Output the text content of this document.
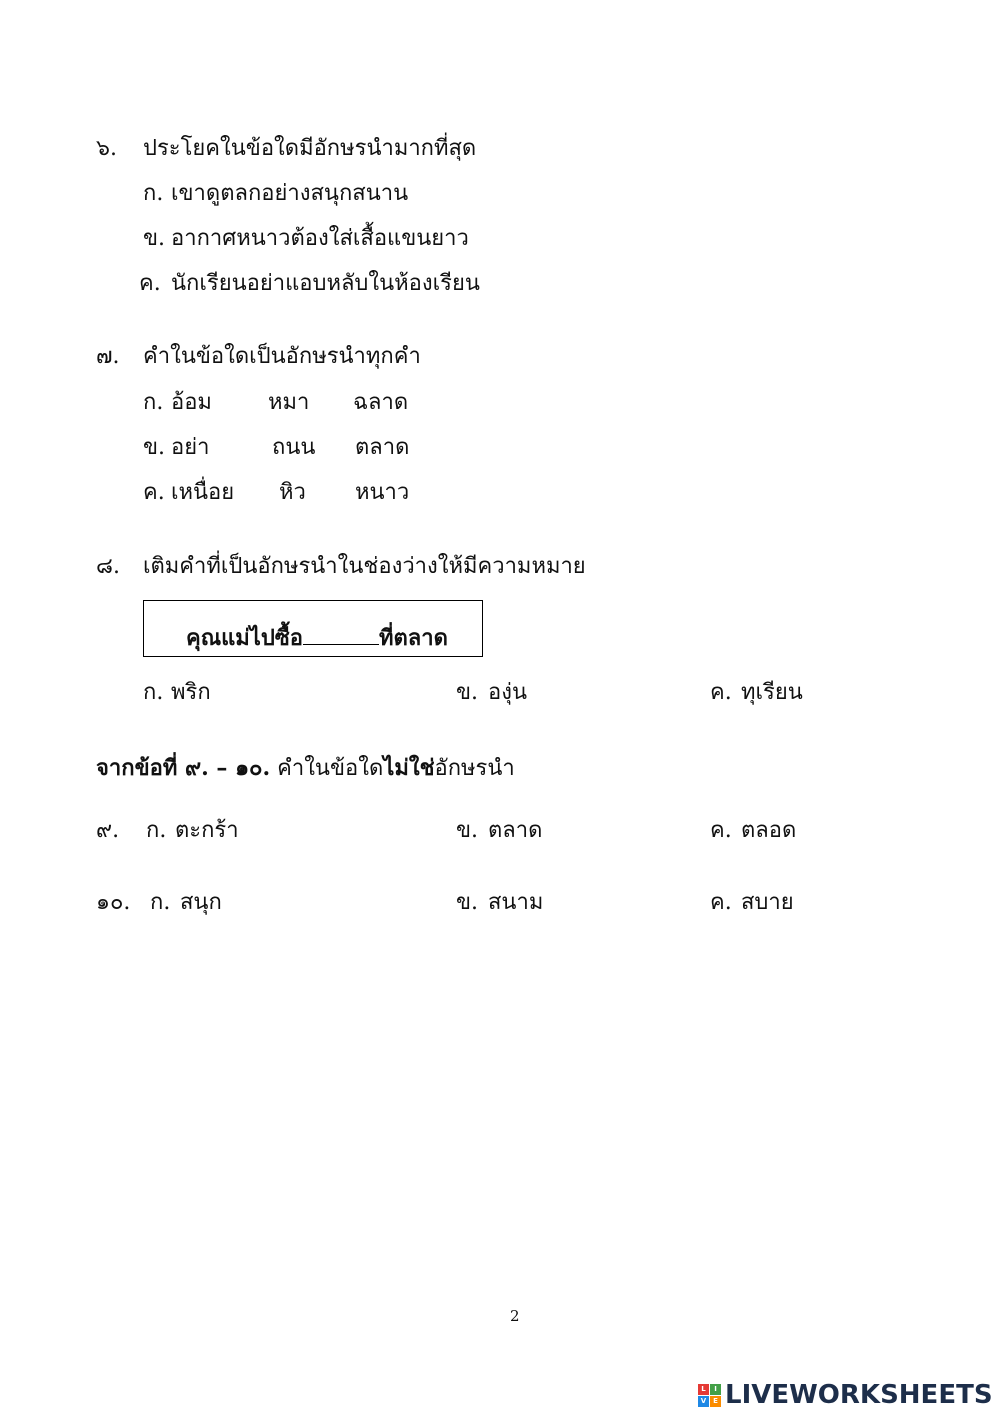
๖. ประโยคในข้อใดมีอักษรนำมากที่สุด
ก. เขาดูตลกอย่างสนุกสนาน
ข. อากาศหนาวต้องใส่เสื้อแขนยาว
ค. นักเรียนอย่าแอบหลับในห้องเรียน
๗. คำในข้อใดเป็นอักษรนำทุกคำ
ก. อ้อม	หมา ฉลาด
ข. อย่า	ถนน ตลาด
ค. เหนื่อย หิว หนาว
๘. เติมคำที่เป็นอักษรนำในช่องว่างให้มีความหมาย
คุณแม่ไปซื้อ	ที่ตลาด
ก. พริก	ข. องุ่น	ค. ทุเรียน
จากข้อที่ ๙. – ๑๐. คำในข้อใดไม่ใช่อักษรนำ
๙. ก. ตะกร้า	ข. ตลาด	ค. ตลอด
๑๐. ก. สนุก	ข. สนาม	ค. สบาย
2
L	I
V E LIVEWORKSHEETS
